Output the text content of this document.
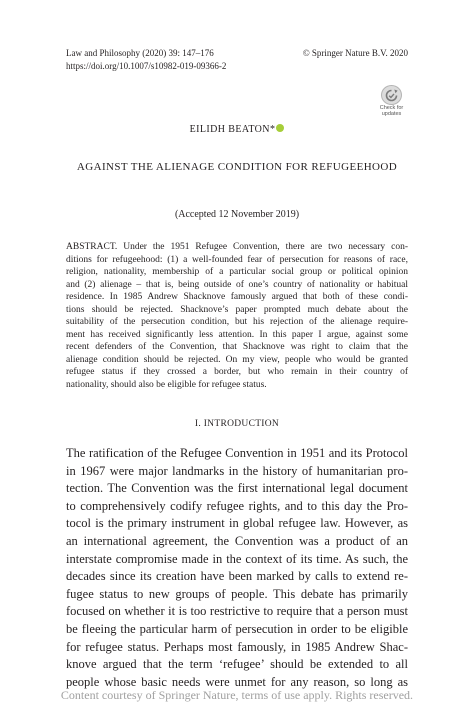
Law and Philosophy (2020) 39: 147–176	© Springer Nature B.V. 2020
https://doi.org/10.1007/s10982-019-09366-2
Check for
updates
EILIDH BEATON*
AGAINST THE ALIENAGE CONDITION FOR REFUGEEHOOD
(Accepted 12 November 2019)
ABSTRACT. Under the 1951 Refugee Convention, there are two necessary con-
ditions for refugeehood: (1) a well-founded fear of persecution for reasons of race,
religion, nationality, membership of a particular social group or political opinion
and (2) alienage – that is, being outside of one’s country of nationality or habitual
residence. In 1985 Andrew Shacknove famously argued that both of these condi-
tions should be rejected. Shacknove’s paper prompted much debate about the
suitability of the persecution condition, but his rejection of the alienage require-
ment has received significantly less attention. In this paper I argue, against some
recent defenders of the Convention, that Shacknove was right to claim that the
alienage condition should be rejected. On my view, people who would be granted
refugee status if they crossed a border, but who remain in their country of
nationality, should also be eligible for refugee status.
I. INTRODUCTION
The ratification of the Refugee Convention in 1951 and its Protocol
in 1967 were major landmarks in the history of humanitarian pro-
tection. The Convention was the first international legal document
to comprehensively codify refugee rights, and to this day the Pro-
tocol is the primary instrument in global refugee law. However, as
an international agreement, the Convention was a product of an
interstate compromise made in the context of its time. As such, the
decades since its creation have been marked by calls to extend re-
fugee status to new groups of people. This debate has primarily
focused on whether it is too restrictive to require that a person must
be fleeing the particular harm of persecution in order to be eligible
for refugee status. Perhaps most famously, in 1985 Andrew Shac-
knove argued that the term ‘refugee’ should be extended to all
people whose basic needs were unmet for any reason, so long as
Content courtesy of Springer Nature, terms of use apply. Rights reserved.
